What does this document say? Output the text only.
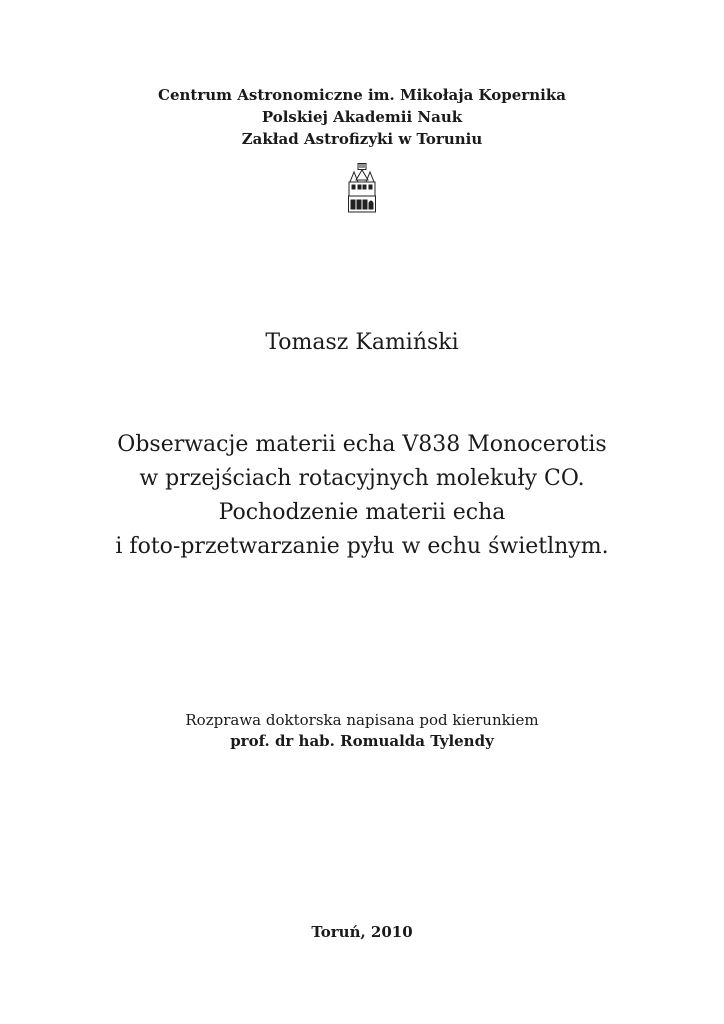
Centrum Astronomiczne im. Mikołaja Kopernika
Polskiej Akademii Nauk
Zakład Astrofizyki w Toruniu
Tomasz Kamiński
Obserwacje materii echa V838 Monocerotis
w przejściach rotacyjnych molekuły CO.
Pochodzenie materii echa
i foto-przetwarzanie pyłu w echu świetlnym.
Rozprawa doktorska napisana pod kierunkiem
prof. dr hab. Romualda Tylendy
Toruń, 2010
